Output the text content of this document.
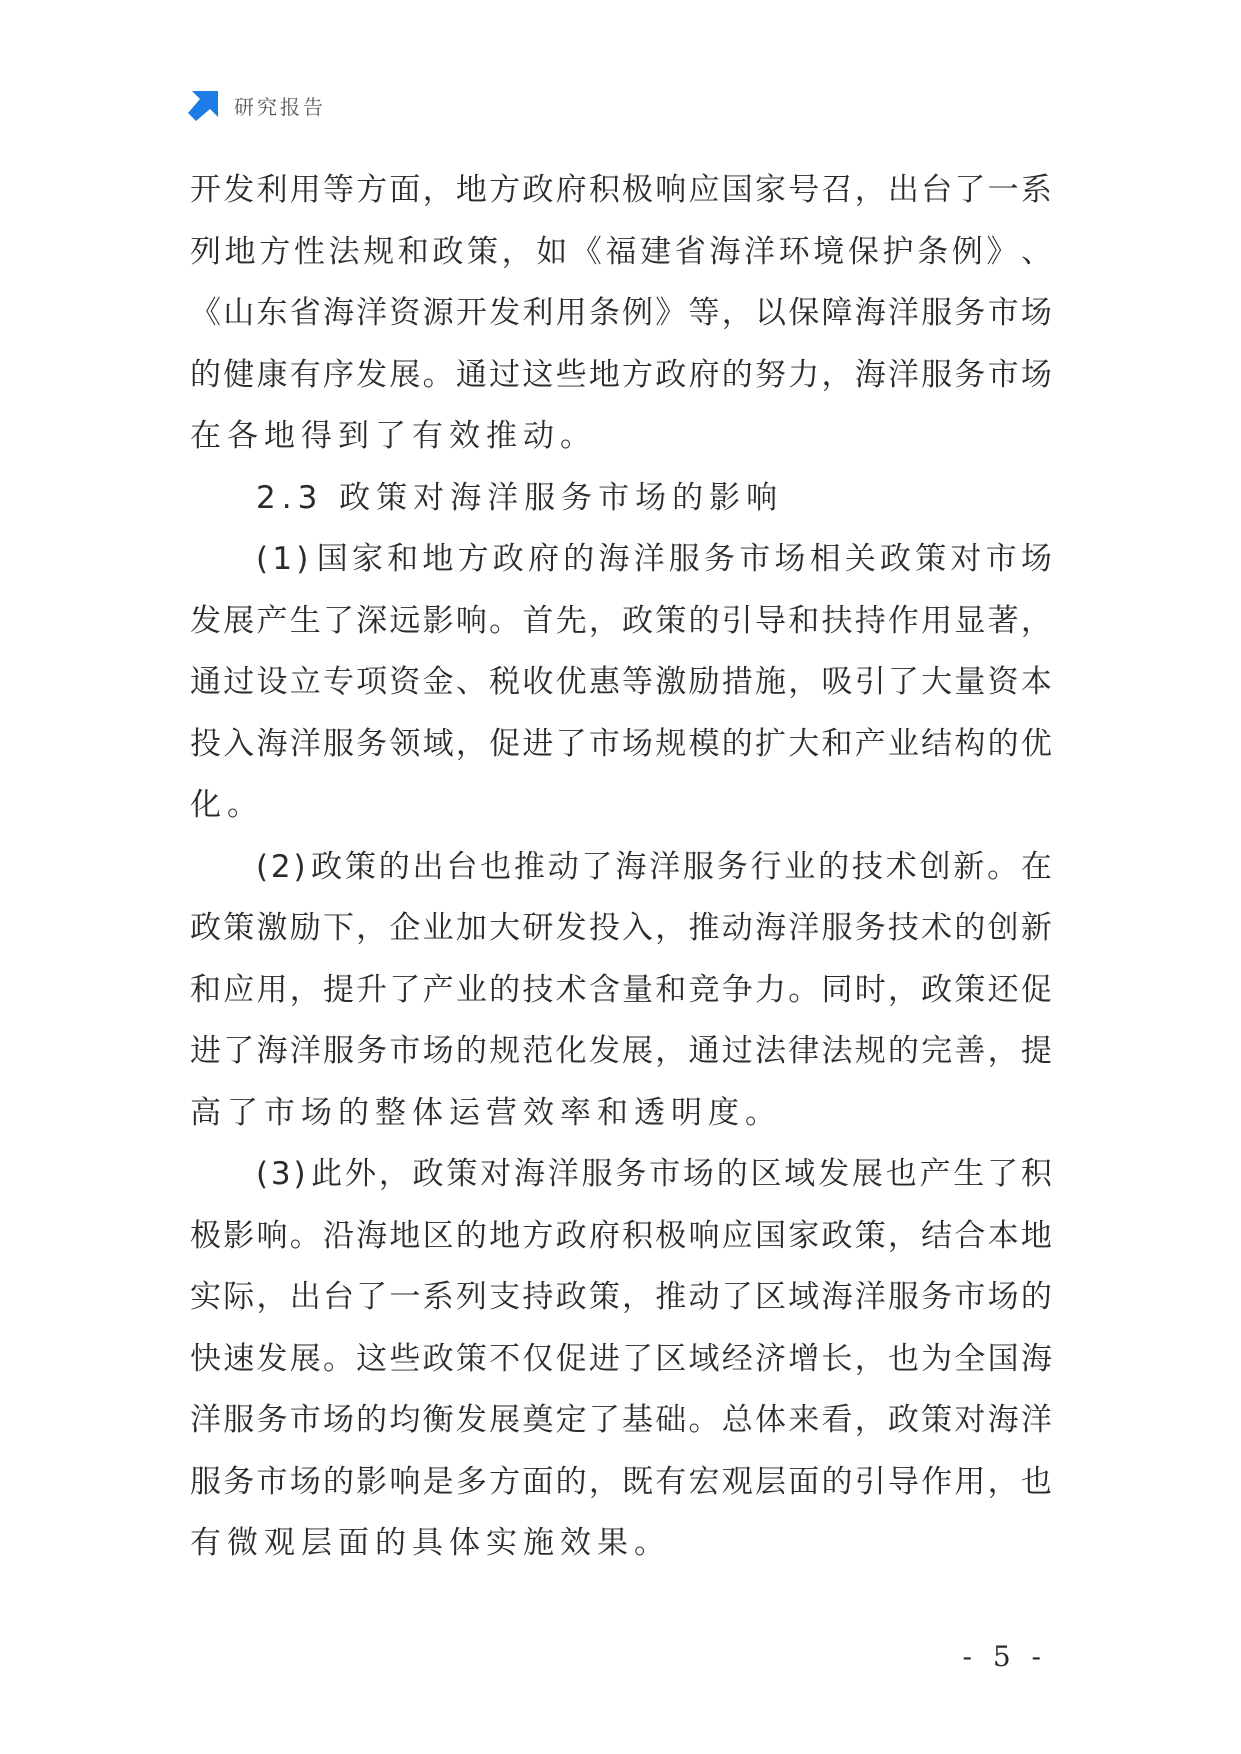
研究报告
开 发 利 用 等 方 面 ， 地 方 政 府 积 极 响 应 国 家 号 召 ， 出 台 了 一 系
列 地 方 性 法 规 和 政 策 ， 如 《 福 建 省 海 洋 环 境 保 护 条 例 》 、
《 山 东 省 海 洋 资 源 开 发 利 用 条 例 》 等 ， 以 保 障 海 洋 服 务 市 场
的 健 康 有 序 发 展 。 通 过 这 些 地 方 政 府 的 努 力 ， 海 洋 服 务 市 场
在各地得到了有效推动。
2.3 政策对海洋服务市场的影响
( 1 ) 国 家 和 地 方 政 府 的 海 洋 服 务 市 场 相 关 政 策 对 市 场
发 展 产 生 了 深 远 影 响 。 首 先 ， 政 策 的 引 导 和 扶 持 作 用 显 著 ，
通 过 设 立 专 项 资 金 、 税 收 优 惠 等 激 励 措 施 ， 吸 引 了 大 量 资 本
投 入 海 洋 服 务 领 域 ， 促 进 了 市 场 规 模 的 扩 大 和 产 业 结 构 的 优
化。
( 2 ) 政 策 的 出 台 也 推 动 了 海 洋 服 务 行 业 的 技 术 创 新 。 在
政 策 激 励 下 ， 企 业 加 大 研 发 投 入 ， 推 动 海 洋 服 务 技 术 的 创 新
和 应 用 ， 提 升 了 产 业 的 技 术 含 量 和 竞 争 力 。 同 时 ， 政 策 还 促
进 了 海 洋 服 务 市 场 的 规 范 化 发 展 ， 通 过 法 律 法 规 的 完 善 ， 提
高了市场的整体运营效率和透明度。
( 3 ) 此 外 ， 政 策 对 海 洋 服 务 市 场 的 区 域 发 展 也 产 生 了 积
极 影 响 。 沿 海 地 区 的 地 方 政 府 积 极 响 应 国 家 政 策 ， 结 合 本 地
实 际 ， 出 台 了 一 系 列 支 持 政 策 ， 推 动 了 区 域 海 洋 服 务 市 场 的
快 速 发 展 。 这 些 政 策 不 仅 促 进 了 区 域 经 济 增 长 ， 也 为 全 国 海
洋 服 务 市 场 的 均 衡 发 展 奠 定 了 基 础 。 总 体 来 看 ， 政 策 对 海 洋
服 务 市 场 的 影 响 是 多 方 面 的 ， 既 有 宏 观 层 面 的 引 导 作 用 ， 也
有微观层面的具体实施效果。
- 5 -
